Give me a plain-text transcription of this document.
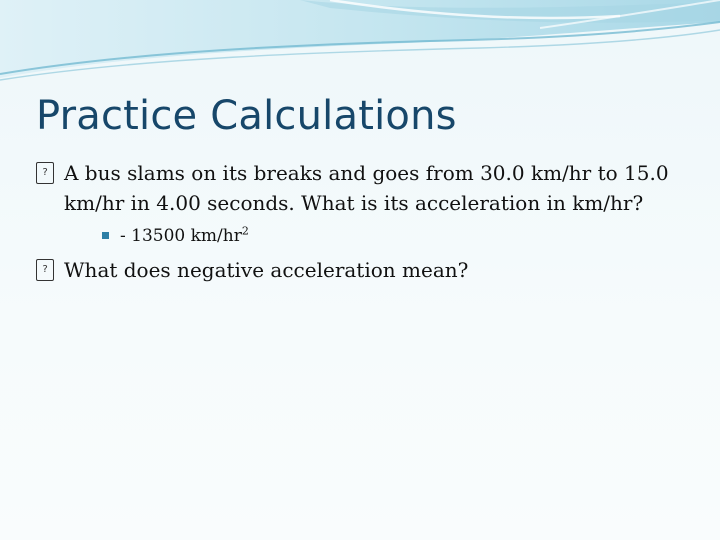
Practice Calculations
? A bus slams on its breaks and goes from 30.0 km/hr to 15.0 km/hr in 4.00 seconds. What is its acceleration in km/hr?
- 13500 $km/hr^2$
? What does negative acceleration mean?
